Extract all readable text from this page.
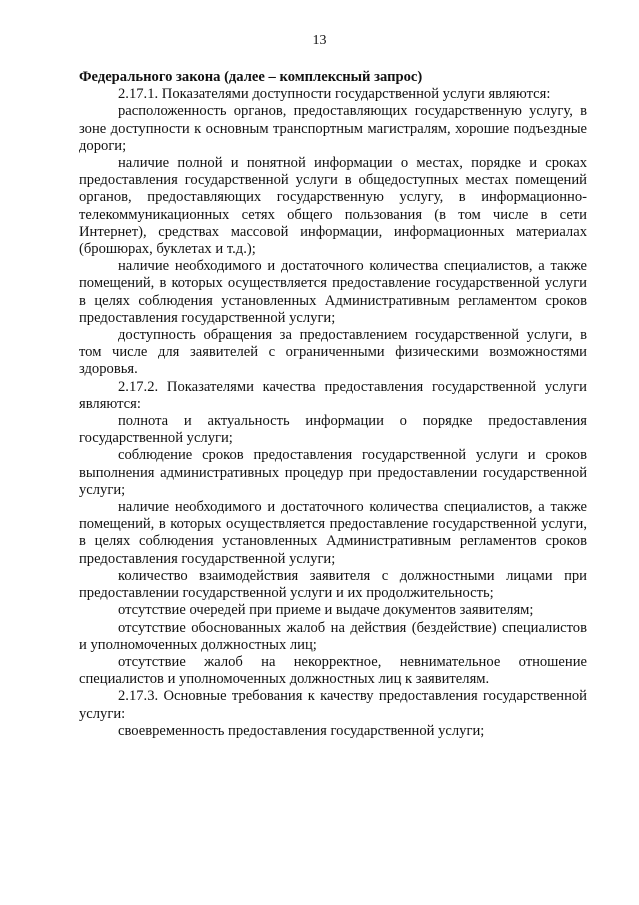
13

Федерального закона (далее – комплексный запрос)

2.17.1. Показателями доступности государственной услуги являются:

расположенность органов, предоставляющих государственную услугу, в зоне доступности к основным транспортным магистралям, хорошие подъездные дороги;

наличие полной и понятной информации о местах, порядке и сроках предоставления государственной услуги в общедоступных местах помещений органов, предоставляющих государственную услугу, в информационно-телекоммуникационных сетях общего пользования (в том числе в сети Интернет), средствах массовой информации, информационных материалах (брошюрах, буклетах и т.д.);

наличие необходимого и достаточного количества специалистов, а также помещений, в которых осуществляется предоставление государственной услуги в целях соблюдения установленных Административным регламентом сроков предоставления государственной услуги;

доступность обращения за предоставлением государственной услуги, в том числе для заявителей с ограниченными физическими возможностями здоровья.

2.17.2. Показателями качества предоставления государственной услуги являются:

полнота и актуальность информации о порядке предоставления государственной услуги;

соблюдение сроков предоставления государственной услуги и сроков выполнения административных процедур при предоставлении государственной услуги;

наличие необходимого и достаточного количества специалистов, а также помещений, в которых осуществляется предоставление государственной услуги, в целях соблюдения установленных Административным регламентов сроков предоставления государственной услуги;

количество взаимодействия заявителя с должностными лицами при предоставлении государственной услуги и их продолжительность;

отсутствие очередей при приеме и выдаче документов заявителям;

отсутствие обоснованных жалоб на действия (бездействие) специалистов и уполномоченных должностных лиц;

отсутствие жалоб на некорректное, невнимательное отношение специалистов и уполномоченных должностных лиц к заявителям.

2.17.3. Основные требования к качеству предоставления государственной услуги:

своевременность предоставления государственной услуги;
